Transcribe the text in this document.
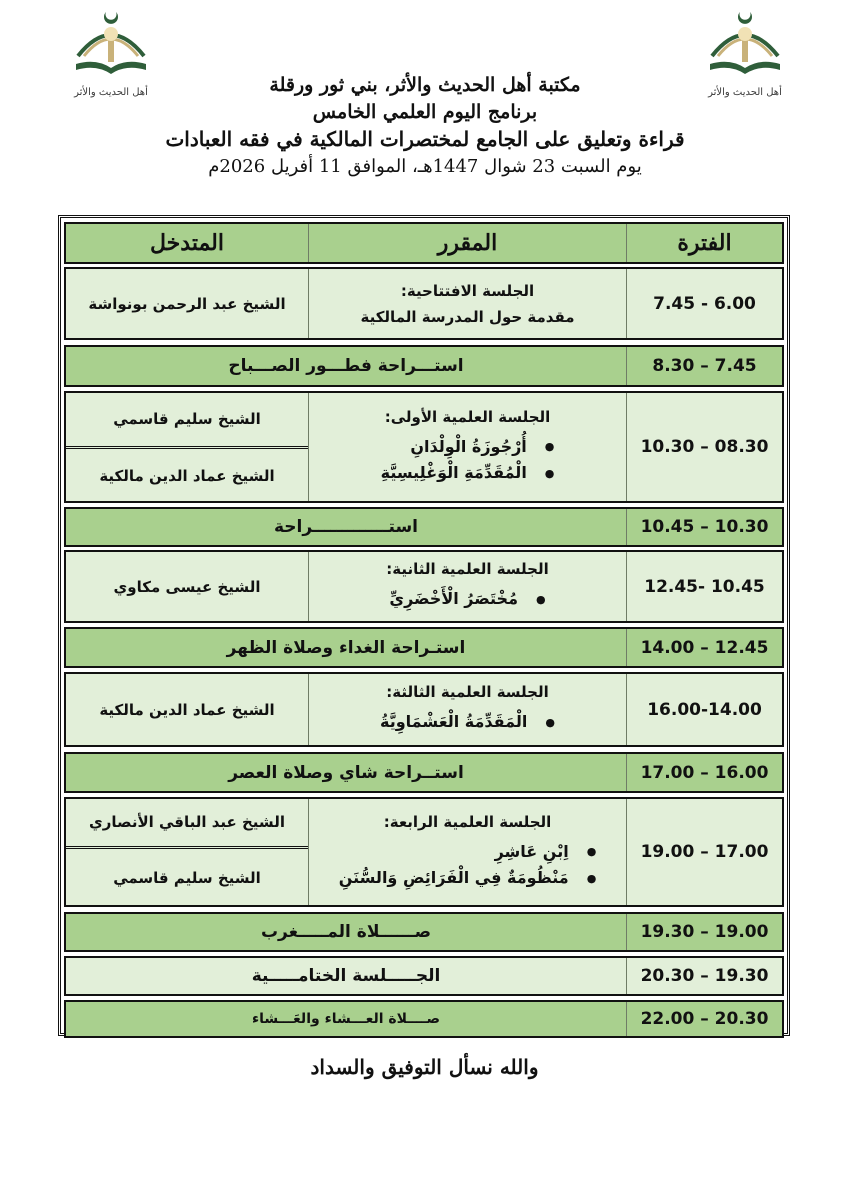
أهل الحديث والأثر	أهل الحديث والأثر
مكتبة أهل الحديث والأثر، بني ثور ورقلة
برنامج اليوم العلمي الخامس
قراءة وتعليق على الجامع لمختصرات المالكية في فقه العبادات
يوم السبت 23 شوال 1447هـ، الموافق 11 أفريل 2026م
الفترة
المقرر
المتدخل
7.45 - 6.00
الجلسة الافتتاحية:
مقدمة حول المدرسة المالكية
الشيخ عبد الرحمن بونواشة
8.30 – 7.45
استـــراحة فطـــور الصـــباح
10.30 – 08.30
الجلسة العلمية الأولى:
●أُرْجُوزَةُ الْوِلْدَانِ
●الْمُقَدِّمَةِ الْوَغْلِيسِيَّةِ
الشيخ سليم قاسمي
الشيخ عماد الدين مالكية
10.45 – 10.30
استـــــــــــــراحة
12.45- 10.45
الجلسة العلمية الثانية:
●مُخْتَصَرُ الْأَخْضَرِيِّ
الشيخ عيسى مكاوي
14.00 – 12.45
استـراحة الغداء وصلاة الظهر
16.00-14.00
الجلسة العلمية الثالثة:
●الْمَقَدِّمَةُ الْعَشْمَاوِيَّةُ
الشيخ عماد الدين مالكية
17.00 – 16.00
استــراحة شاي وصلاة العصر
19.00 – 17.00
الجلسة العلمية الرابعة:
●اِبْنِ عَاشِرِ
●مَنْظُومَةٌ فِي الْفَرَائِضِ وَالسُّنَنِ
الشيخ عبد الباقي الأنصاري
الشيخ سليم قاسمي
19.30 – 19.00
صــــــلاة المـــــغرب
20.30 – 19.30
الجـــــلسة الختامـــــية
22.00 – 20.30
صــــلاة العـــشاء والعَـــشاء
والله نسأل التوفيق والسداد
